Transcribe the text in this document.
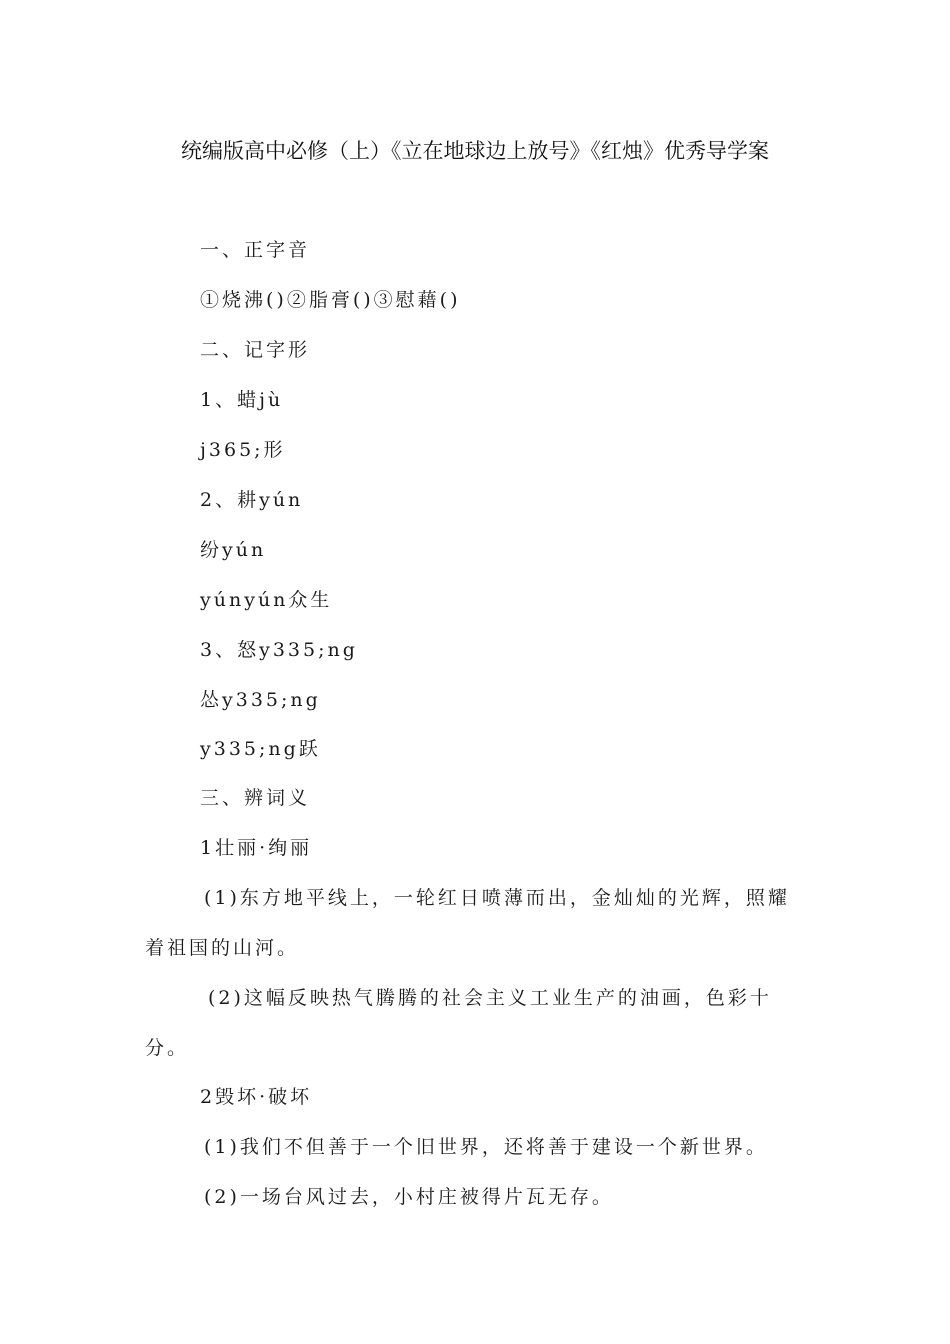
统编版高中必修（上）《立在地球边上放号》《红烛》优秀导学案
一、正字音
①烧沸()②脂膏()③慰藉()
二、记字形
1、蜡jù
j365;形
2、耕yún
纷yún
yúnyún众生
3、怒y335;ng
怂y335;ng
y335;ng跃
三、辨词义
1壮丽·绚丽
(1)东方地平线上，一轮红日喷薄而出，金灿灿的光辉，照耀
着祖国的山河。
(2)这幅反映热气腾腾的社会主义工业生产的油画，色彩十
分。
2毁坏·破坏
(1)我们不但善于一个旧世界，还将善于建设一个新世界。
(2)一场台风过去，小村庄被得片瓦无存。
